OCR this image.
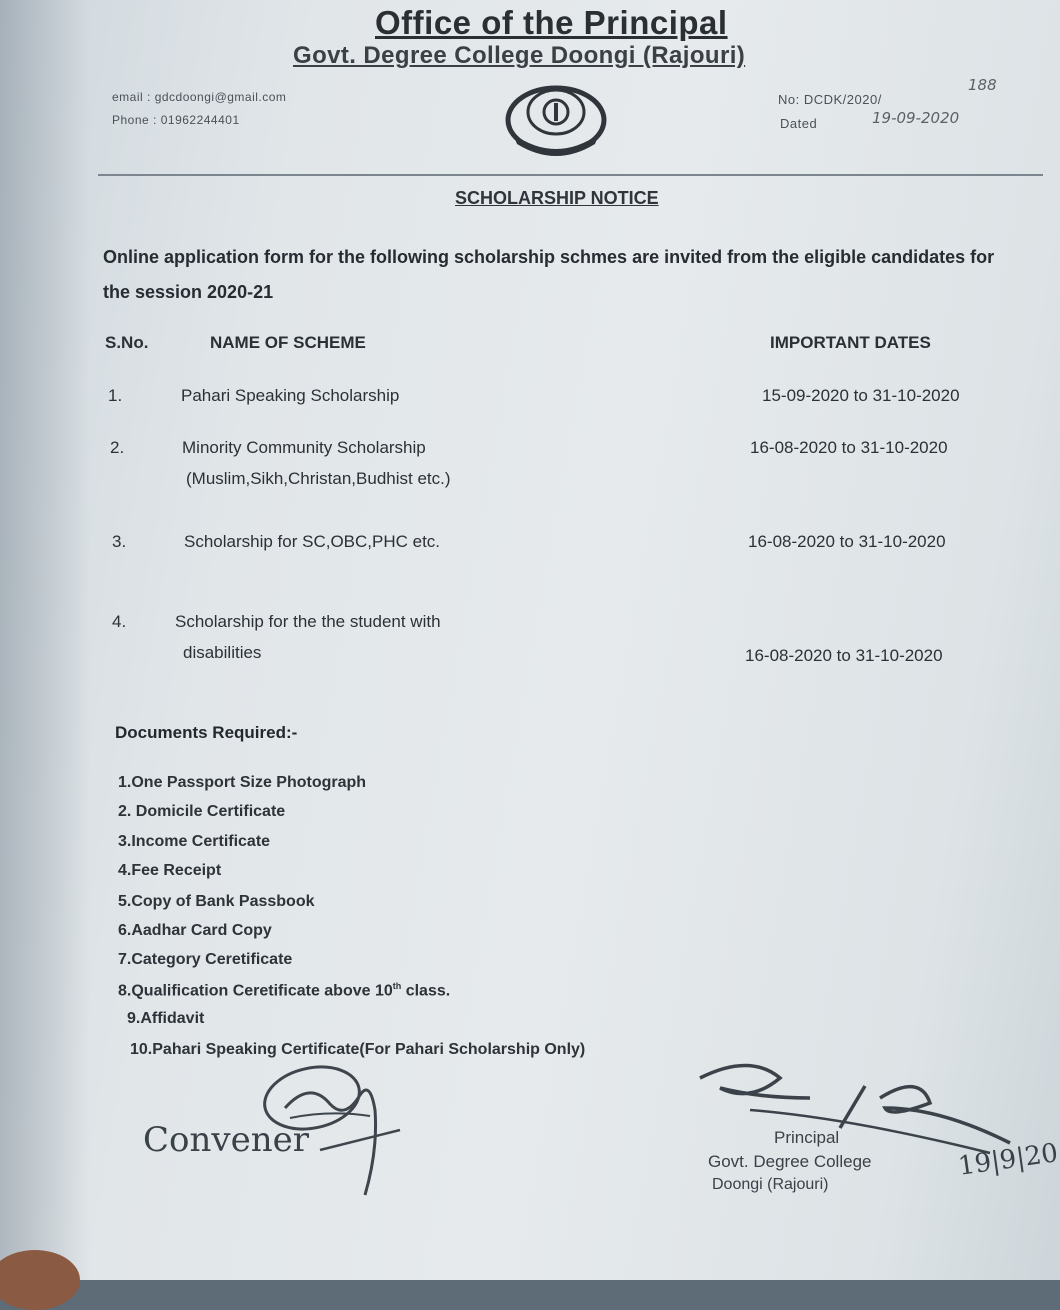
Office of the Principal
Govt. Degree College Doongi (Rajouri)
email : gdcdoongi@gmail.com
Phone : 01962244401
No: DCDK/2020/
188
Dated	19-09-2020
SCHOLARSHIP NOTICE
Online application form for the following scholarship schmes are invited from the eligible candidates for the session 2020-21
S.No.	NAME OF SCHEME	IMPORTANT DATES
1.	Pahari Speaking Scholarship	15-09-2020 to 31-10-2020
2.	Minority Community Scholarship
(Muslim,Sikh,Christan,Budhist etc.)
16-08-2020 to 31-10-2020
3.	Scholarship for SC,OBC,PHC etc.	16-08-2020 to 31-10-2020
4.	Scholarship for the the student with
disabilities	16-08-2020 to 31-10-2020
Documents Required:-
1.One Passport Size Photograph
2. Domicile Certificate
3.Income Certificate
4.Fee Receipt
5.Copy of Bank Passbook
6.Aadhar Card Copy
7.Category Ceretificate
8.Qualification Ceretificate above 10th class.
9.Affidavit
10.Pahari Speaking Certificate(For Pahari Scholarship Only)
Convener	Principal
Govt. Degree College
Doongi (Rajouri)
19|9|20
